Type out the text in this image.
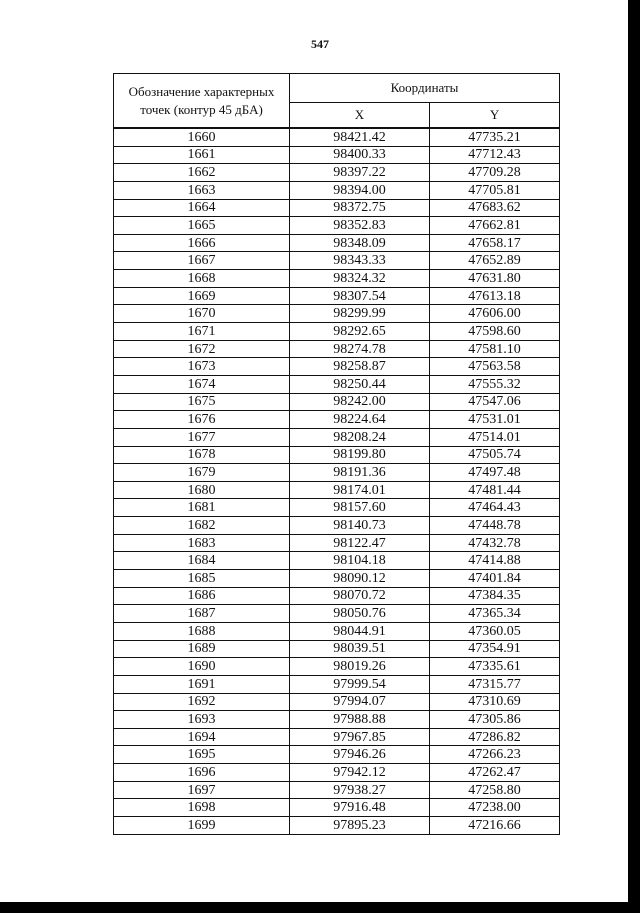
547
Обозначение характерных точек (контур 45 дБА)	Координаты	
	X	Y
1660	98421.42	47735.21
1661	98400.33	47712.43
1662	98397.22	47709.28
1663	98394.00	47705.81
1664	98372.75	47683.62
1665	98352.83	47662.81
1666	98348.09	47658.17
1667	98343.33	47652.89
1668	98324.32	47631.80
1669	98307.54	47613.18
1670	98299.99	47606.00
1671	98292.65	47598.60
1672	98274.78	47581.10
1673	98258.87	47563.58
1674	98250.44	47555.32
1675	98242.00	47547.06
1676	98224.64	47531.01
1677	98208.24	47514.01
1678	98199.80	47505.74
1679	98191.36	47497.48
1680	98174.01	47481.44
1681	98157.60	47464.43
1682	98140.73	47448.78
1683	98122.47	47432.78
1684	98104.18	47414.88
1685	98090.12	47401.84
1686	98070.72	47384.35
1687	98050.76	47365.34
1688	98044.91	47360.05
1689	98039.51	47354.91
1690	98019.26	47335.61
1691	97999.54	47315.77
1692	97994.07	47310.69
1693	97988.88	47305.86
1694	97967.85	47286.82
1695	97946.26	47266.23
1696	97942.12	47262.47
1697	97938.27	47258.80
1698	97916.48	47238.00
1699	97895.23	47216.66
